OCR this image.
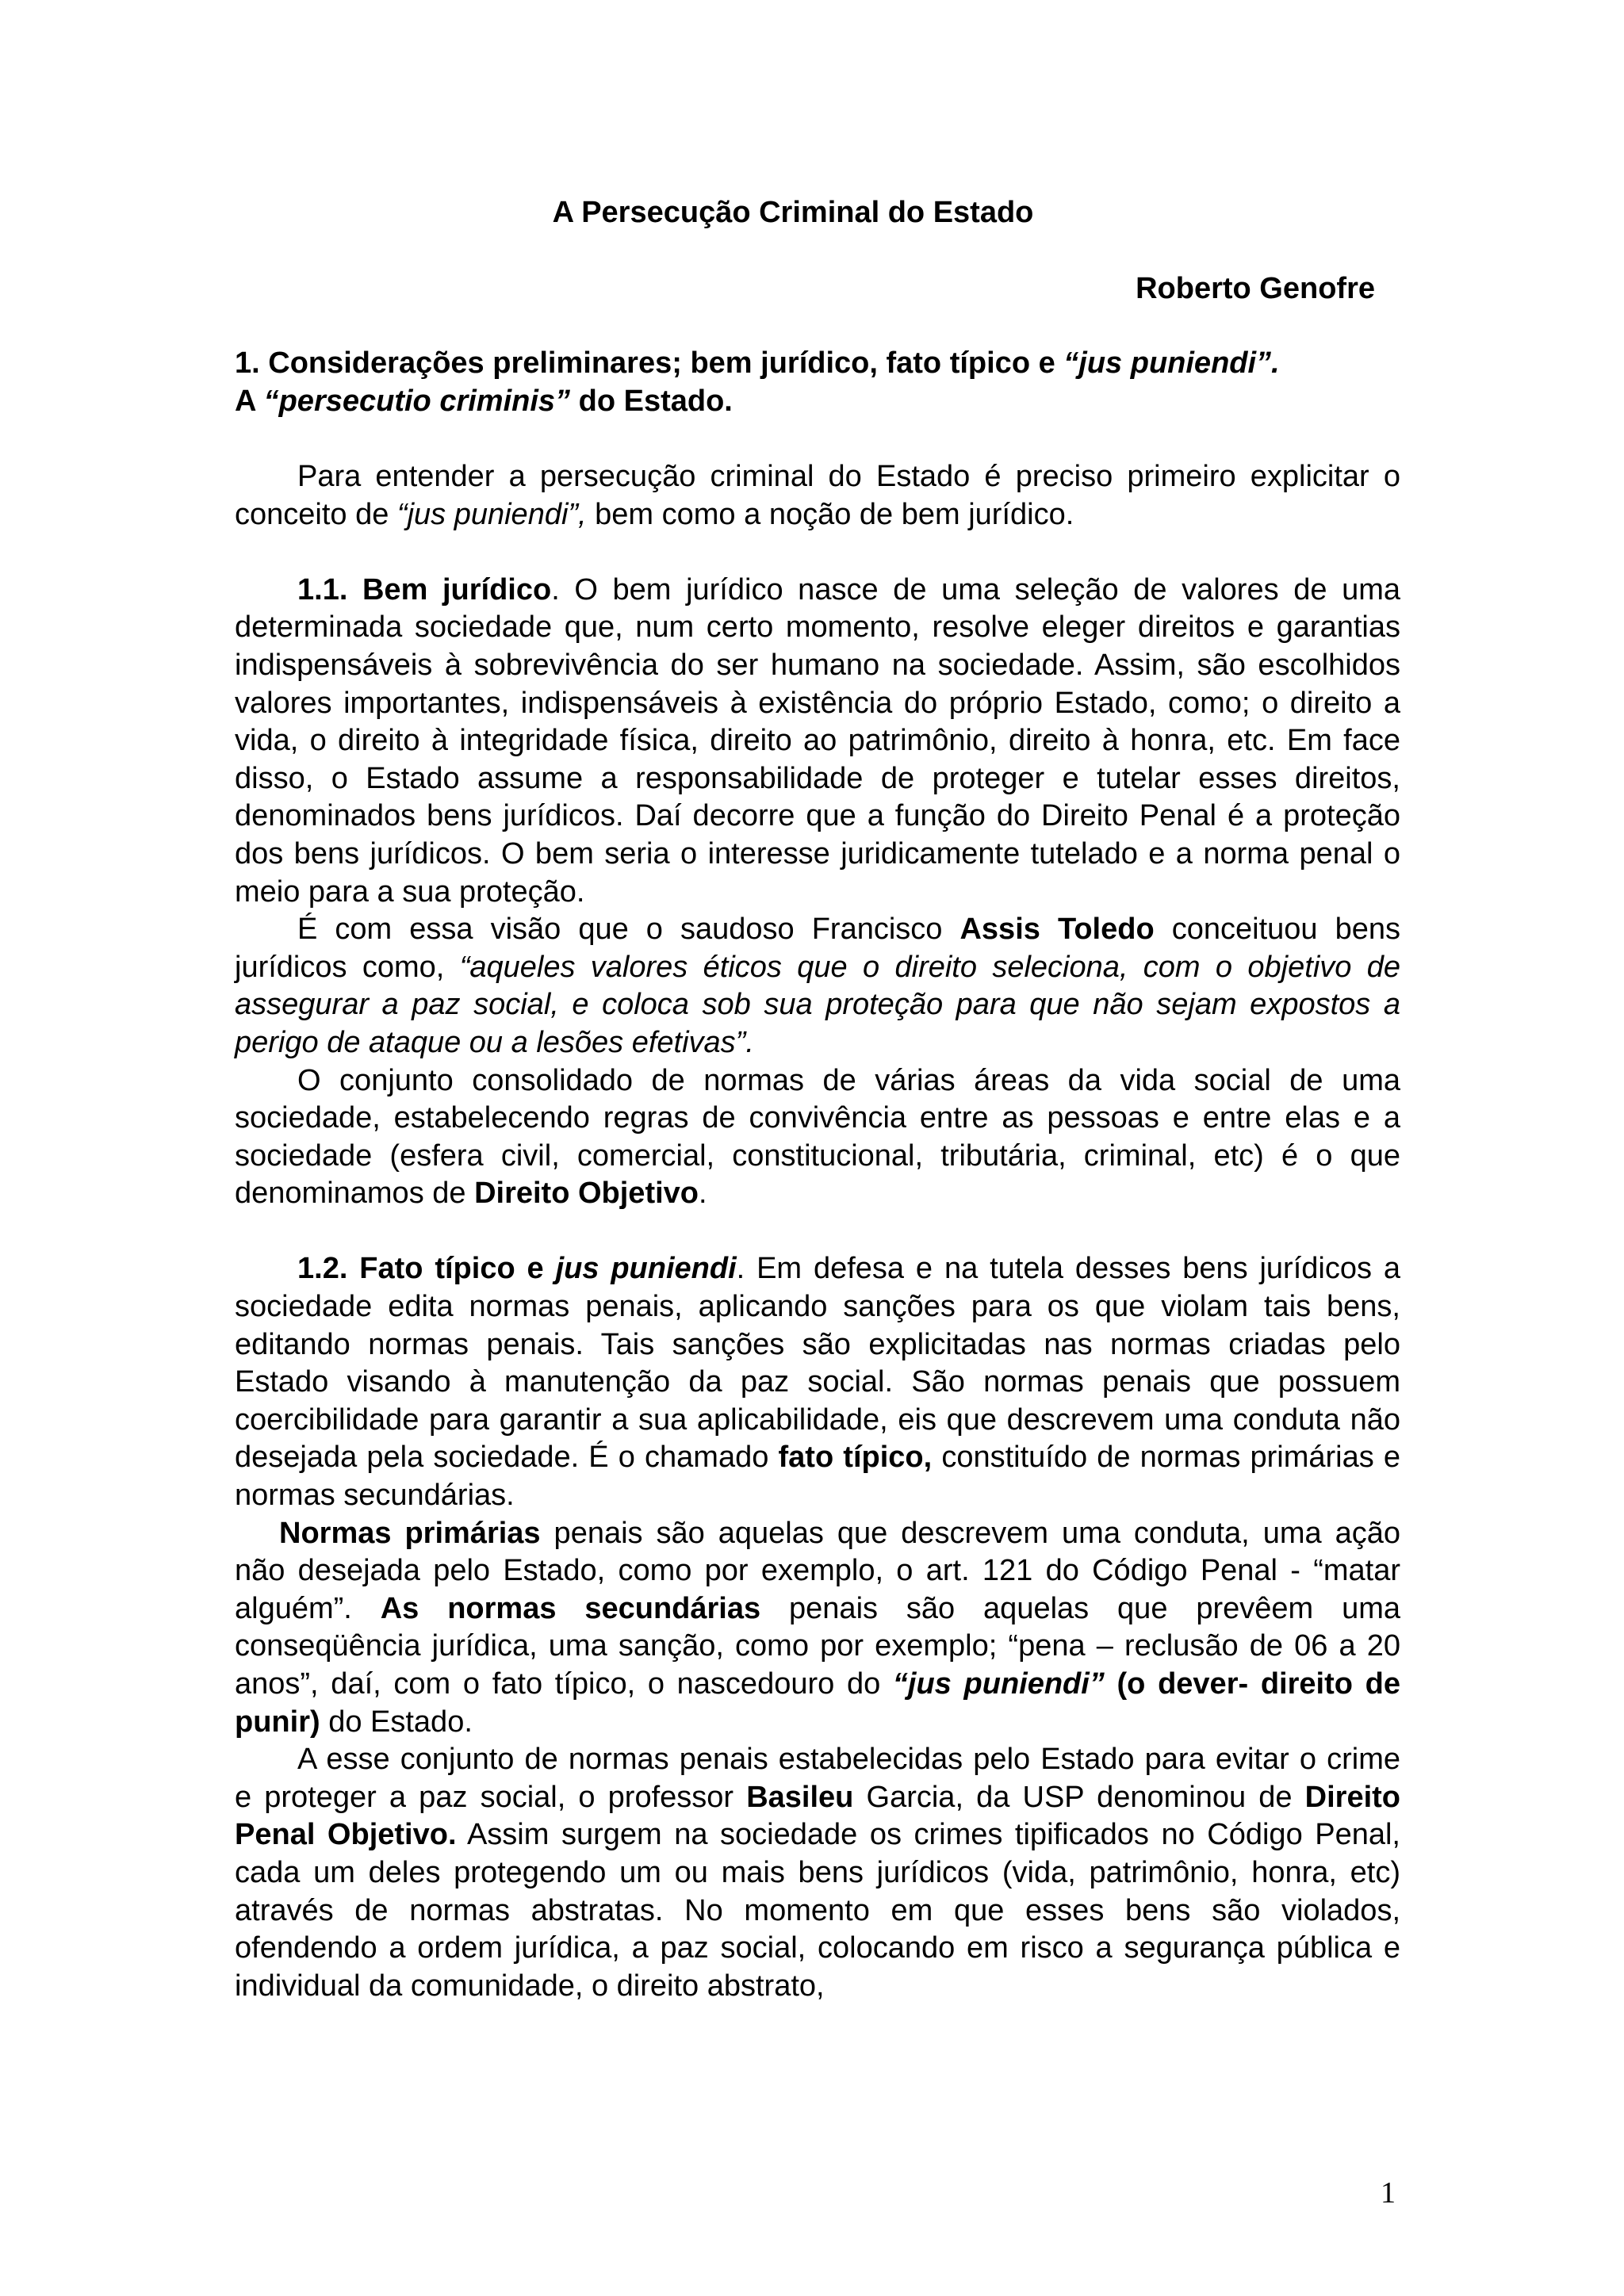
A Persecução Criminal do Estado

Roberto Genofre

1. Considerações preliminares; bem jurídico, fato típico e “jus puniendi”.
A “persecutio criminis” do Estado.

Para entender a persecução criminal do Estado é preciso primeiro explicitar o conceito de “jus puniendi”, bem como a noção de bem jurídico.

1.1. Bem jurídico. O bem jurídico nasce de uma seleção de valores de uma determinada sociedade que, num certo momento, resolve eleger direitos e garantias indispensáveis à sobrevivência do ser humano na sociedade. Assim, são escolhidos valores importantes, indispensáveis à existência do próprio Estado, como; o direito a vida, o direito à integridade física, direito ao patrimônio, direito à honra, etc. Em face disso, o Estado assume a responsabilidade de proteger e tutelar esses direitos, denominados bens jurídicos. Daí decorre que a função do Direito Penal é a proteção dos bens jurídicos. O bem seria o interesse juridicamente tutelado e a norma penal o meio para a sua proteção.

É com essa visão que o saudoso Francisco Assis Toledo conceituou bens jurídicos como, “aqueles valores éticos que o direito seleciona, com o objetivo de assegurar a paz social, e coloca sob sua proteção para que não sejam expostos a perigo de ataque ou a lesões efetivas”.

O conjunto consolidado de normas de várias áreas da vida social de uma sociedade, estabelecendo regras de convivência entre as pessoas e entre elas e a sociedade (esfera civil, comercial, constitucional, tributária, criminal, etc) é o que denominamos de Direito Objetivo.

1.2. Fato típico e jus puniendi. Em defesa e na tutela desses bens jurídicos a sociedade edita normas penais, aplicando sanções para os que violam tais bens, editando normas penais. Tais sanções são explicitadas nas normas criadas pelo Estado visando à manutenção da paz social. São normas penais que possuem coercibilidade para garantir a sua aplicabilidade, eis que descrevem uma conduta não desejada pela sociedade. É o chamado fato típico, constituído de normas primárias e normas secundárias.

Normas primárias penais são aquelas que descrevem uma conduta, uma ação não desejada pelo Estado, como por exemplo, o art. 121 do Código Penal - “matar alguém”. As normas secundárias penais são aquelas que prevêem uma conseqüência jurídica, uma sanção, como por exemplo; “pena – reclusão de 06 a 20 anos”, daí, com o fato típico, o nascedouro do “jus puniendi” (o dever- direito de punir) do Estado.

A esse conjunto de normas penais estabelecidas pelo Estado para evitar o crime e proteger a paz social, o professor Basileu Garcia, da USP denominou de Direito Penal Objetivo. Assim surgem na sociedade os crimes tipificados no Código Penal, cada um deles protegendo um ou mais bens jurídicos (vida, patrimônio, honra, etc) através de normas abstratas. No momento em que esses bens são violados, ofendendo a ordem jurídica, a paz social, colocando em risco a segurança pública e individual da comunidade, o direito abstrato,

1
